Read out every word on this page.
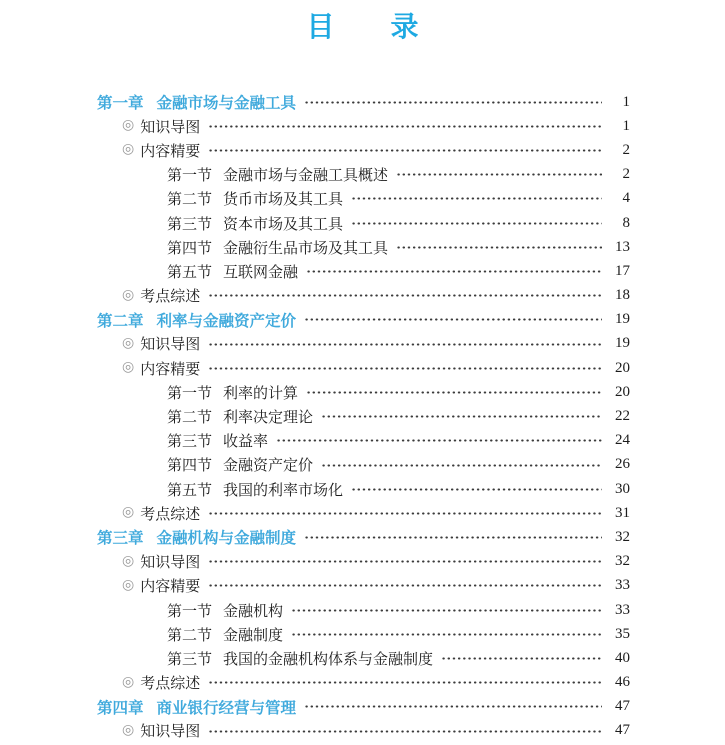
目　　录
第一章 金融市场与金融工具	1
◎ 知识导图	1
◎ 内容精要	2
第一节 金融市场与金融工具概述	2
第二节 货币市场及其工具	4
第三节 资本市场及其工具	8
第四节 金融衍生品市场及其工具	13
第五节 互联网金融	17
◎ 考点综述	18
第二章 利率与金融资产定价	19
◎ 知识导图	19
◎ 内容精要	20
第一节 利率的计算	20
第二节 利率决定理论	22
第三节 收益率	24
第四节 金融资产定价	26
第五节 我国的利率市场化	30
◎ 考点综述	31
第三章 金融机构与金融制度	32
◎ 知识导图	32
◎ 内容精要	33
第一节 金融机构	33
第二节 金融制度	35
第三节 我国的金融机构体系与金融制度	40
◎ 考点综述	46
第四章 商业银行经营与管理	47
◎ 知识导图	47
